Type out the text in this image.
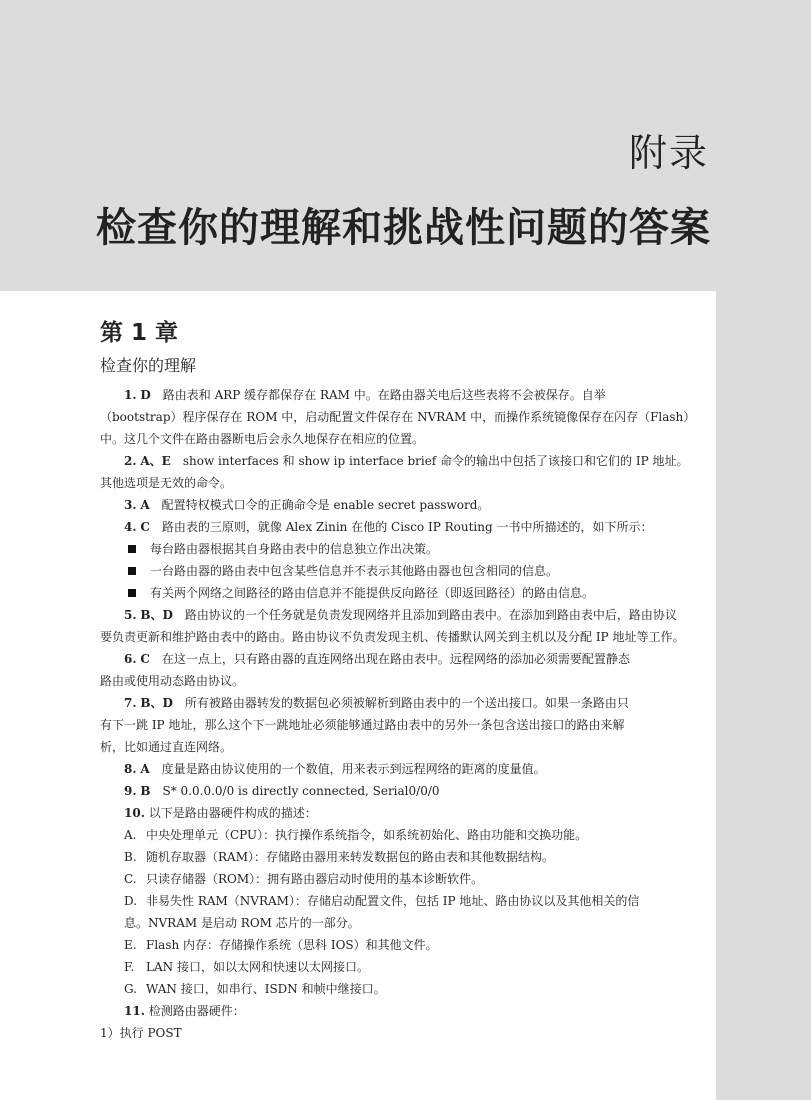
附录
检查你的理解和挑战性问题的答案
第 1 章
检查你的理解
1. D 路由表和 ARP 缓存都保存在 RAM 中。在路由器关电后这些表将不会被保存。自举
（bootstrap）程序保存在 ROM 中，启动配置文件保存在 NVRAM 中，而操作系统镜像保存在闪存（Flash）
中。这几个文件在路由器断电后会永久地保存在相应的位置。
2. A、E show interfaces 和 show ip interface brief 命令的输出中包括了该接口和它们的 IP 地址。
其他选项是无效的命令。
3. A 配置特权模式口令的正确命令是 enable secret password。
4. C 路由表的三原则，就像 Alex Zinin 在他的 Cisco IP Routing 一书中所描述的，如下所示：
每台路由器根据其自身路由表中的信息独立作出决策。
一台路由器的路由表中包含某些信息并不表示其他路由器也包含相同的信息。
有关两个网络之间路径的路由信息并不能提供反向路径（即返回路径）的路由信息。
5. B、D 路由协议的一个任务就是负责发现网络并且添加到路由表中。在添加到路由表中后，路由协议
要负责更新和维护路由表中的路由。路由协议不负责发现主机、传播默认网关到主机以及分配 IP 地址等工作。
6. C 在这一点上，只有路由器的直连网络出现在路由表中。远程网络的添加必须需要配置静态
路由或使用动态路由协议。
7. B、D 所有被路由器转发的数据包必须被解析到路由表中的一个送出接口。如果一条路由只
有下一跳 IP 地址，那么这个下一跳地址必须能够通过路由表中的另外一条包含送出接口的路由来解
析，比如通过直连网络。
8. A 度量是路由协议使用的一个数值，用来表示到远程网络的距离的度量值。
9. B S* 0.0.0.0/0 is directly connected, Serial0/0/0
10. 以下是路由器硬件构成的描述：
A. 中央处理单元（CPU）：执行操作系统指令，如系统初始化、路由功能和交换功能。
B. 随机存取器（RAM）：存储路由器用来转发数据包的路由表和其他数据结构。
C. 只读存储器（ROM）：拥有路由器启动时使用的基本诊断软件。
D. 非易失性 RAM（NVRAM）：存储启动配置文件，包括 IP 地址、路由协议以及其他相关的信
息。NVRAM 是启动 ROM 芯片的一部分。
E. Flash 内存：存储操作系统（思科 IOS）和其他文件。
F. LAN 接口，如以太网和快速以太网接口。
G. WAN 接口，如串行、ISDN 和帧中继接口。
11. 检测路由器硬件：
1）执行 POST
